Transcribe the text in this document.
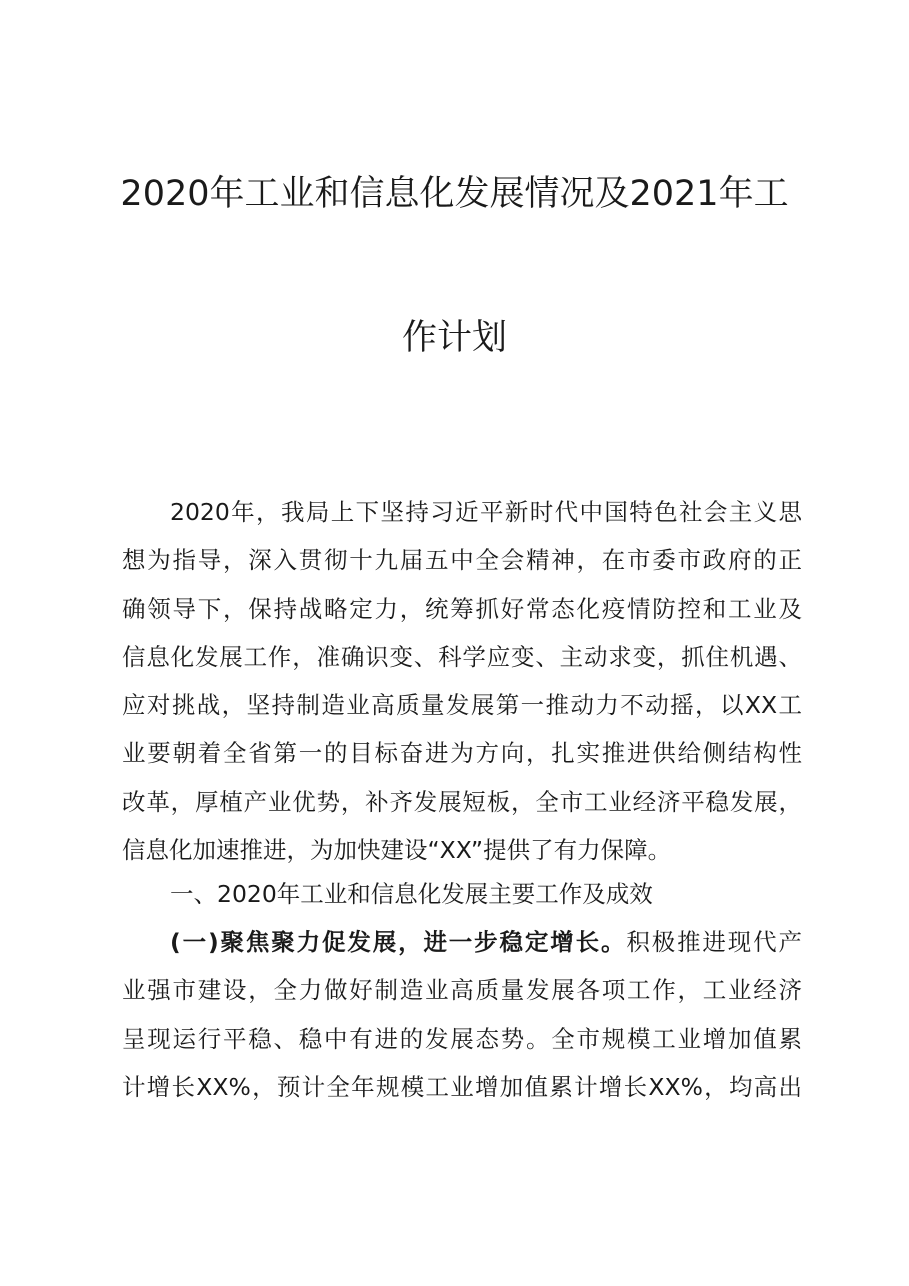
2020年工业和信息化发展情况及2021年工
作计划
2020年，我局上下坚持习近平新时代中国特色社会主义思
想为指导，深入贯彻十九届五中全会精神，在市委市政府的正
确领导下，保持战略定力，统筹抓好常态化疫情防控和工业及
信息化发展工作，准确识变、科学应变、主动求变，抓住机遇、
应对挑战，坚持制造业高质量发展第一推动力不动摇，以XX工
业要朝着全省第一的目标奋进为方向，扎实推进供给侧结构性
改革，厚植产业优势，补齐发展短板，全市工业经济平稳发展，
信息化加速推进，为加快建设“XX”提供了有力保障。
一、2020年工业和信息化发展主要工作及成效
(一)聚焦聚力促发展，进一步稳定增长。积极推进现代产
业强市建设，全力做好制造业高质量发展各项工作，工业经济
呈现运行平稳、稳中有进的发展态势。全市规模工业增加值累
计增长XX%，预计全年规模工业增加值累计增长XX%，均高出
